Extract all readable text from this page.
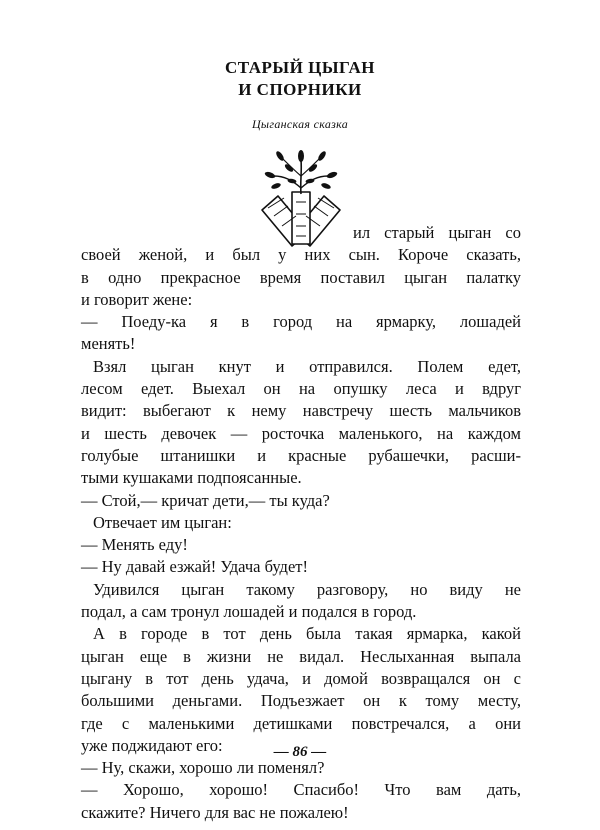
СТАРЫЙ ЦЫГАН
И СПОРНИКИ
Цыганская сказка
ил старый цыган со
своей женой, и был у них сын. Короче сказать,
в одно прекрасное время поставил цыган палатку
и говорит жене:
— Поеду-ка я в город на ярмарку, лошадей
менять!
Взял цыган кнут и отправился. Полем едет,
лесом едет. Выехал он на опушку леса и вдруг
видит: выбегают к нему навстречу шесть мальчиков
и шесть девочек — росточка маленького, на каждом
голубые штанишки и красные рубашечки, расши-
тыми кушаками подпоясанные.
— Стой,— кричат дети,— ты куда?
Отвечает им цыган:
— Менять еду!
— Ну давай езжай! Удача будет!
Удивился цыган такому разговору, но виду не
подал, а сам тронул лошадей и подался в город.
А в городе в тот день была такая ярмарка, какой
цыган еще в жизни не видал. Неслыханная выпала
цыгану в тот день удача, и домой возвращался он с
большими деньгами. Подъезжает он к тому месту,
где с маленькими детишками повстречался, а они
уже поджидают его:
— Ну, скажи, хорошо ли поменял?
— Хорошо, хорошо! Спасибо! Что вам дать,
скажите? Ничего для вас не пожалею!
— 86 —
